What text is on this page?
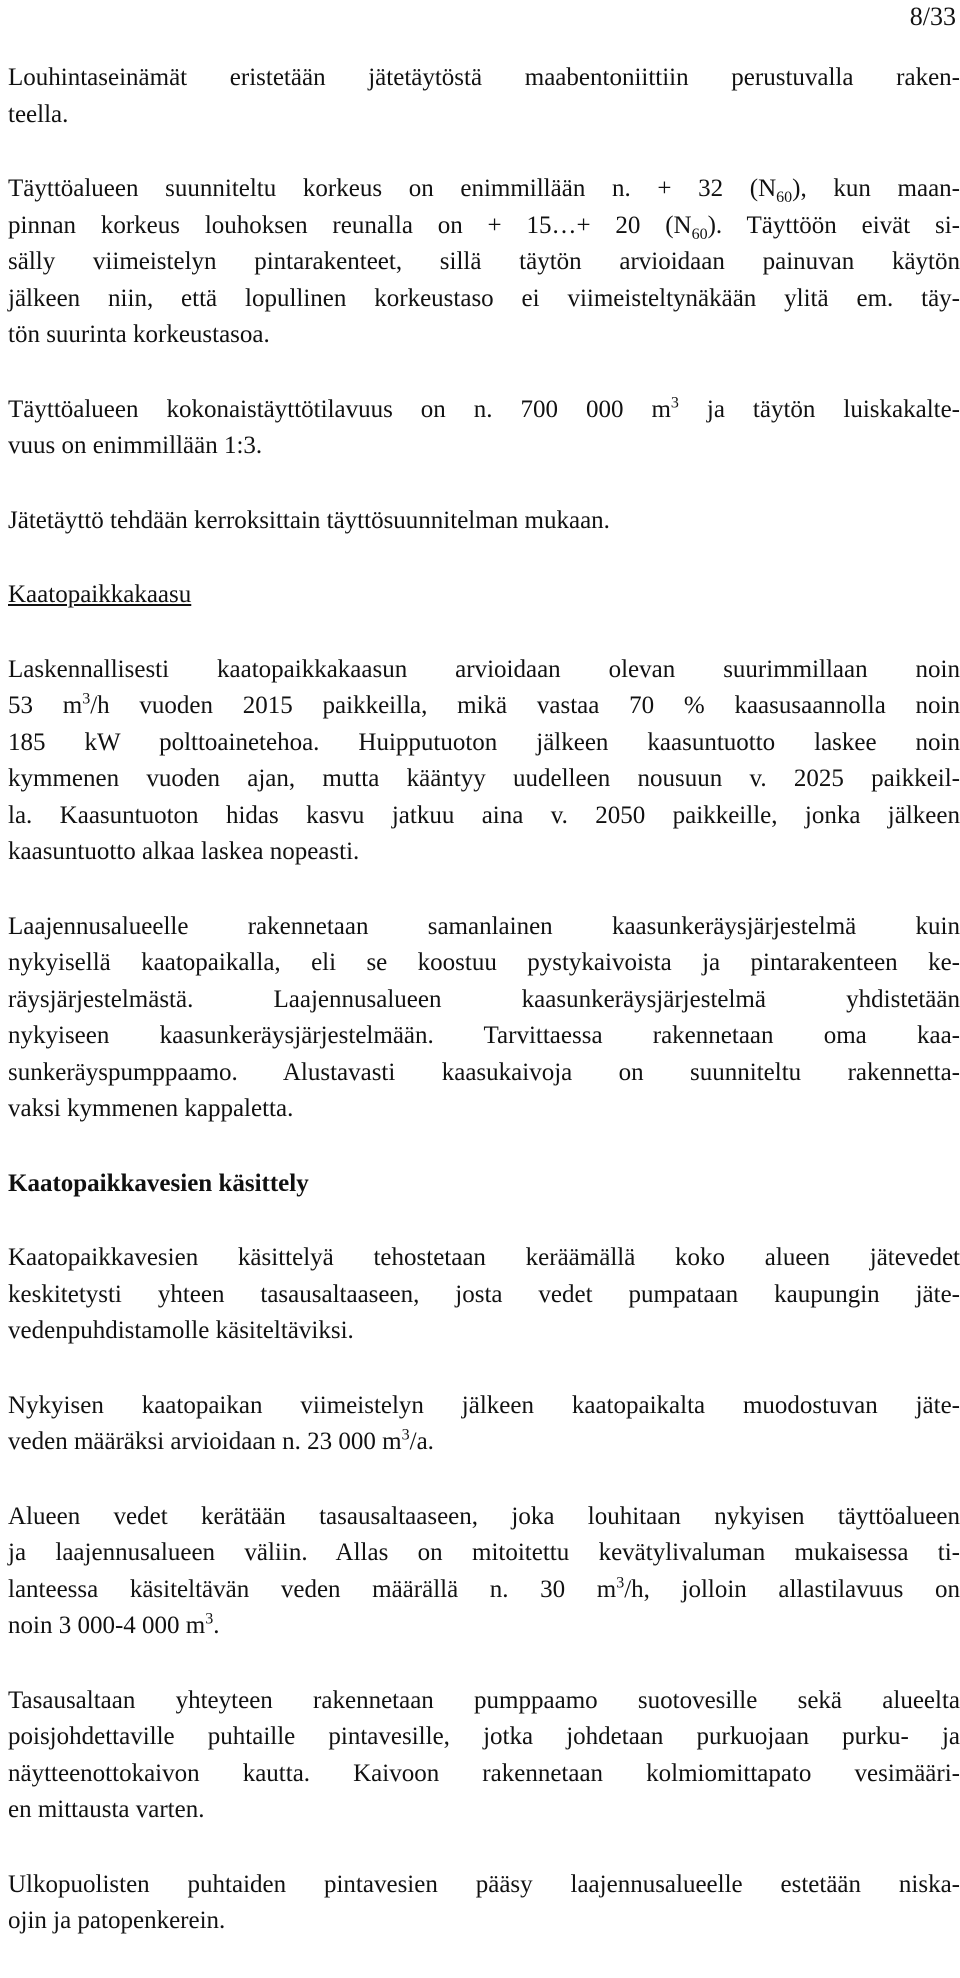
8/33

Louhintaseinämät eristetään jätetäytöstä maabentoniittiin perustuvalla raken-
teella.

Täyttöalueen suunniteltu korkeus on enimmillään n. + 32 $(N_{60})$, kun maan-
pinnan korkeus louhoksen reunalla on + 15…+ 20 $(N_{60})$. Täyttöön eivät si-
sälly viimeistelyn pintarakenteet, sillä täytön arvioidaan painuvan käytön
jälkeen niin, että lopullinen korkeustaso ei viimeisteltynäkään ylitä em. täy-
tön suurinta korkeustasoa.

Täyttöalueen kokonaistäyttötilavuus on n. 700 000 $m^3$ ja täytön luiskakalte-
vuus on enimmillään 1:3.

Jätetäyttö tehdään kerroksittain täyttösuunnitelman mukaan.

Kaatopaikkakaasu

Laskennallisesti kaatopaikkakaasun arvioidaan olevan suurimmillaan noin
53 $m^3/h$ vuoden 2015 paikkeilla, mikä vastaa 70 % kaasusaannolla noin
185 kW polttoainetehoa. Huipputuoton jälkeen kaasuntuotto laskee noin
kymmenen vuoden ajan, mutta kääntyy uudelleen nousuun v. 2025 paikkeil-
la. Kaasuntuoton hidas kasvu jatkuu aina v. 2050 paikkeille, jonka jälkeen
kaasuntuotto alkaa laskea nopeasti.

Laajennusalueelle rakennetaan samanlainen kaasunkeräysjärjestelmä kuin
nykyisellä kaatopaikalla, eli se koostuu pystykaivoista ja pintarakenteen ke-
räysjärjestelmästä. Laajennusalueen kaasunkeräysjärjestelmä yhdistetään
nykyiseen kaasunkeräysjärjestelmään. Tarvittaessa rakennetaan oma kaa-
sunkeräyspumppaamo. Alustavasti kaasukaivoja on suunniteltu rakennetta-
vaksi kymmenen kappaletta.

Kaatopaikkavesien käsittely

Kaatopaikkavesien käsittelyä tehostetaan keräämällä koko alueen jätevedet
keskitetysti yhteen tasausaltaaseen, josta vedet pumpataan kaupungin jäte-
vedenpuhdistamolle käsiteltäviksi.

Nykyisen kaatopaikan viimeistelyn jälkeen kaatopaikalta muodostuvan jäte-
veden määräksi arvioidaan n. 23 000 $m^3/a$.

Alueen vedet kerätään tasausaltaaseen, joka louhitaan nykyisen täyttöalueen
ja laajennusalueen väliin. Allas on mitoitettu kevätylivaluman mukaisessa ti-
lanteessa käsiteltävän veden määrällä n. 30 $m^3/h$, jolloin allastilavuus on
noin 3 000-4 000 $m^3$.

Tasausaltaan yhteyteen rakennetaan pumppaamo suotovesille sekä alueelta
poisjohdettaville puhtaille pintavesille, jotka johdetaan purkuojaan purku- ja
näytteenottokaivon kautta. Kaivoon rakennetaan kolmiomittapato vesimääri-
en mittausta varten.

Ulkopuolisten puhtaiden pintavesien pääsy laajennusalueelle estetään niska-
ojin ja patopenkerein.
